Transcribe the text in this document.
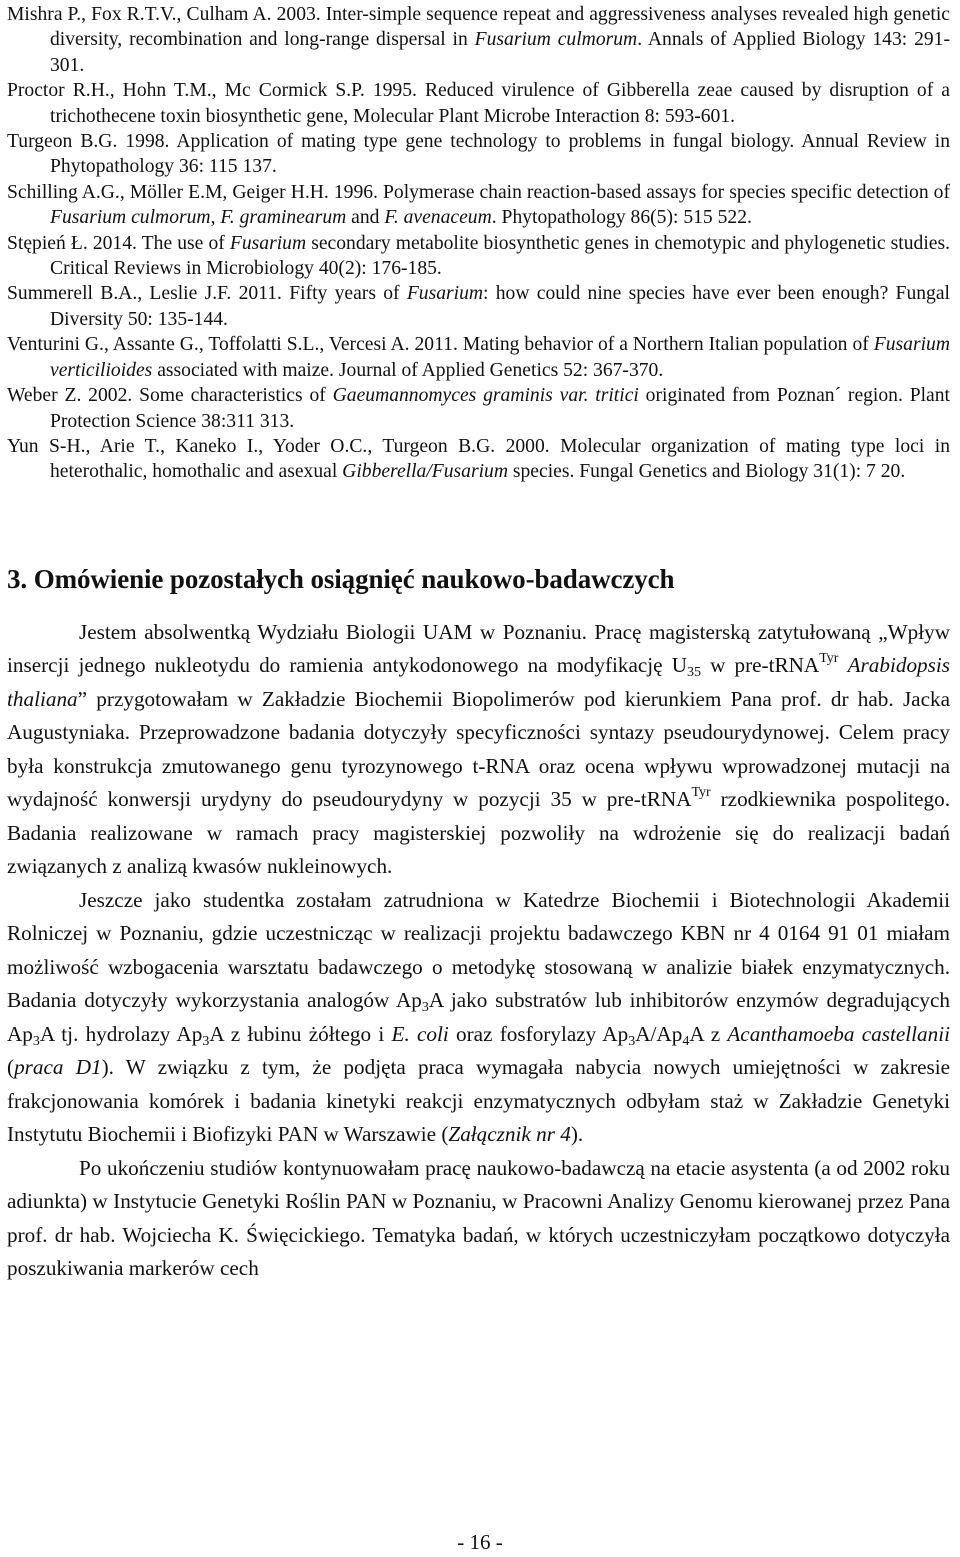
Mishra P., Fox R.T.V., Culham A. 2003. Inter-simple sequence repeat and aggressiveness analyses revealed high genetic diversity, recombination and long-range dispersal in Fusarium culmorum. Annals of Applied Biology 143: 291-301.

Proctor R.H., Hohn T.M., Mc Cormick S.P. 1995. Reduced virulence of Gibberella zeae caused by disruption of a trichothecene toxin biosynthetic gene, Molecular Plant Microbe Interaction 8: 593-601.

Turgeon B.G. 1998. Application of mating type gene technology to problems in fungal biology. Annual Review in Phytopathology 36: 115 137.

Schilling A.G., Möller E.M, Geiger H.H. 1996. Polymerase chain reaction-based assays for species specific detection of Fusarium culmorum, F. graminearum and F. avenaceum. Phytopathology 86(5): 515 522.

Stępień Ł. 2014. The use of Fusarium secondary metabolite biosynthetic genes in chemotypic and phylogenetic studies. Critical Reviews in Microbiology 40(2): 176-185.

Summerell B.A., Leslie J.F. 2011. Fifty years of Fusarium: how could nine species have ever been enough? Fungal Diversity 50: 135-144.

Venturini G., Assante G., Toffolatti S.L., Vercesi A. 2011. Mating behavior of a Northern Italian population of Fusarium verticilioides associated with maize. Journal of Applied Genetics 52: 367-370.

Weber Z. 2002. Some characteristics of Gaeumannomyces graminis var. tritici originated from Poznan´ region. Plant Protection Science 38:311 313.

Yun S-H., Arie T., Kaneko I., Yoder O.C., Turgeon B.G. 2000. Molecular organization of mating type loci in heterothalic, homothalic and asexual Gibberella/Fusarium species. Fungal Genetics and Biology 31(1): 7 20.

3. Omówienie pozostałych osiągnięć naukowo-badawczych

Jestem absolwentką Wydziału Biologii UAM w Poznaniu. Pracę magisterską zatytułowaną „Wpływ insercji jednego nukleotydu do ramienia antykodonowego na modyfikację $U_{35}$ w pre-tRNA$^{Tyr}$ Arabidopsis thaliana” przygotowałam w Zakładzie Biochemii Biopolimerów pod kierunkiem Pana prof. dr hab. Jacka Augustyniaka. Przeprowadzone badania dotyczyły specyficzności syntazy pseudourydynowej. Celem pracy była konstrukcja zmutowanego genu tyrozynowego t-RNA oraz ocena wpływu wprowadzonej mutacji na wydajność konwersji urydyny do pseudourydyny w pozycji 35 w pre-tRNA$^{Tyr}$ rzodkiewnika pospolitego. Badania realizowane w ramach pracy magisterskiej pozwoliły na wdrożenie się do realizacji badań związanych z analizą kwasów nukleinowych.

Jeszcze jako studentka zostałam zatrudniona w Katedrze Biochemii i Biotechnologii Akademii Rolniczej w Poznaniu, gdzie uczestnicząc w realizacji projektu badawczego KBN nr 4 0164 91 01 miałam możliwość wzbogacenia warsztatu badawczego o metodykę stosowaną w analizie białek enzymatycznych. Badania dotyczyły wykorzystania analogów $Ap_3A$ jako substratów lub inhibitorów enzymów degradujących $Ap_3A$ tj. hydrolazy $Ap_3A$ z łubinu żółtego i E. coli oraz fosforylazy $Ap_3A/Ap_4A$ z Acanthamoeba castellanii (praca D1). W związku z tym, że podjęta praca wymagała nabycia nowych umiejętności w zakresie frakcjonowania komórek i badania kinetyki reakcji enzymatycznych odbyłam staż w Zakładzie Genetyki Instytutu Biochemii i Biofizyki PAN w Warszawie (Załącznik nr 4).

Po ukończeniu studiów kontynuowałam pracę naukowo-badawczą na etacie asystenta (a od 2002 roku adiunkta) w Instytucie Genetyki Roślin PAN w Poznaniu, w Pracowni Analizy Genomu kierowanej przez Pana prof. dr hab. Wojciecha K. Święcickiego. Tematyka badań, w których uczestniczyłam początkowo dotyczyła poszukiwania markerów cech

- 16 -
